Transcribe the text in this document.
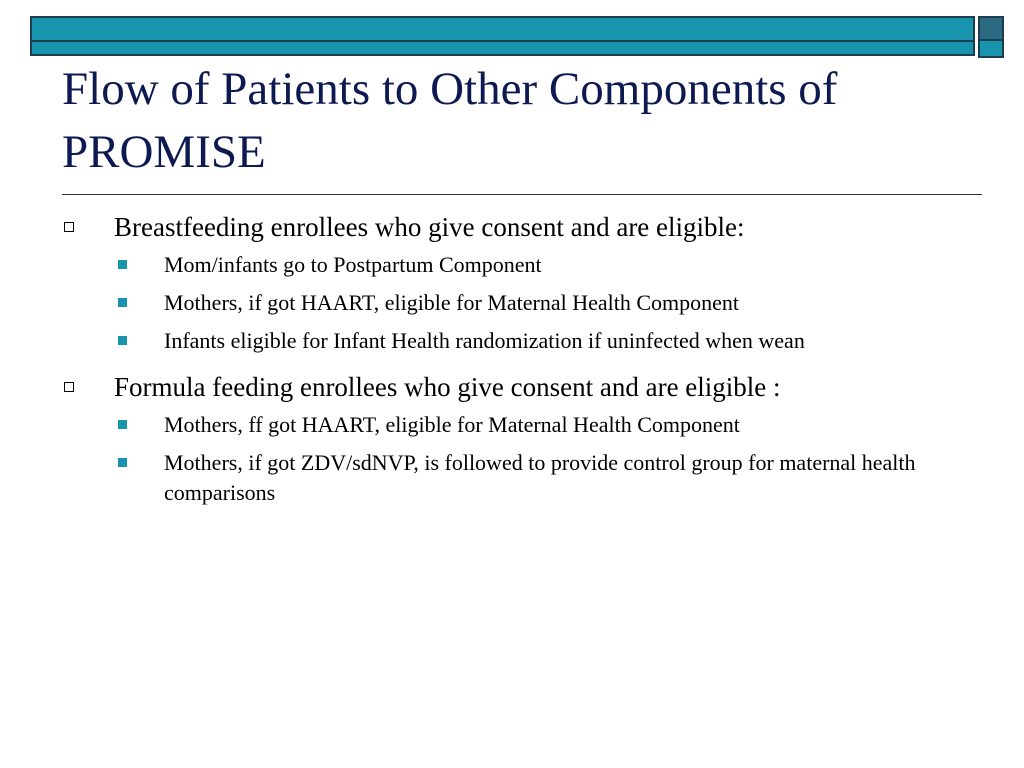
Flow of Patients to Other Components of PROMISE
Breastfeeding enrollees who give consent and are eligible:
Mom/infants go to Postpartum Component
Mothers, if got HAART, eligible for Maternal Health Component
Infants eligible for Infant Health randomization if uninfected when wean
Formula feeding enrollees who give consent and are eligible :
Mothers, ff got HAART, eligible for Maternal Health Component
Mothers, if got ZDV/sdNVP, is followed to provide control group for maternal health comparisons
